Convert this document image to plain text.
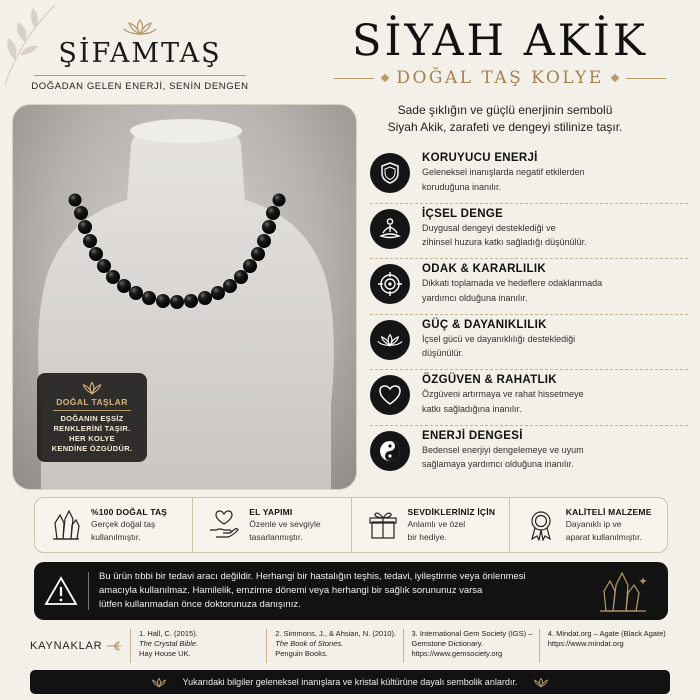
ŞİFAMTAŞ
DOĞADAN GELEN ENERJİ, SENİN DENGEN
SİYAH AKİK
DOĞAL TAŞ KOLYE
Sade şıklığın ve güçlü enerjinin sembolü
Siyah Akik, zarafeti ve dengeyi stilinize taşır.
DOĞAL TAŞLAR
DOĞANIN EŞSİZ
RENKLERİNİ TAŞIR.
HER KOLYE
KENDİNE ÖZGÜDÜR.
KORUYUCU ENERJİ
Geleneksel inanışlarda negatif etkilerden
koruduğuna inanılır.
İÇSEL DENGE
Duygusal dengeyi desteklediği ve
zihinsel huzura katkı sağladığı düşünülür.
ODAK & KARARLILIK
Dikkati toplamada ve hedeflere odaklanmada
yardımcı olduğuna inanılır.
GÜÇ & DAYANIKLILIK
İçsel gücü ve dayanıklılığı desteklediği
düşünülür.
ÖZGÜVEN & RAHATLIK
Özgüveni artırmaya ve rahat hissetmeye
katkı sağladığına inanılır.
ENERJİ DENGESİ
Bedensel enerjiyi dengelemeye ve uyum
sağlamaya yardımcı olduğuna inanılır.
%100 DOĞAL TAŞ
Gerçek doğal taş
kullanılmıştır.
EL YAPIMI
Özenle ve sevgiyle
tasarlanmıştır.
SEVDİKLERİNİZ İÇİN
Anlamlı ve özel
bir hediye.
KALİTELİ MALZEME
Dayanıklı ip ve
aparat kullanılmıştır.
Bu ürün tıbbi bir tedavi aracı değildir. Herhangi bir hastalığın teşhis, tedavi, iyileştirme veya önlenmesi
amacıyla kullanılmaz. Hamilelik, emzirme dönemi veya herhangi bir sağlık sorununuz varsa
lütfen kullanmadan önce doktorunuza danışınız.
KAYNAKLAR
1. Hall, C. (2015).
The Crystal Bible.
Hay House UK.
2. Simmons, J., & Ahsian, N. (2010).
The Book of Stones.
Penguin Books.
3. International Gem Society (IGS) –
Gemstone Dictionary.
https://www.gemsociety.org
4. Mindat.org – Agate (Black Agate)
https://www.mindat.org
Yukarıdaki bilgiler geleneksel inanışlara ve kristal kültürüne dayalı sembolik anlardır.
